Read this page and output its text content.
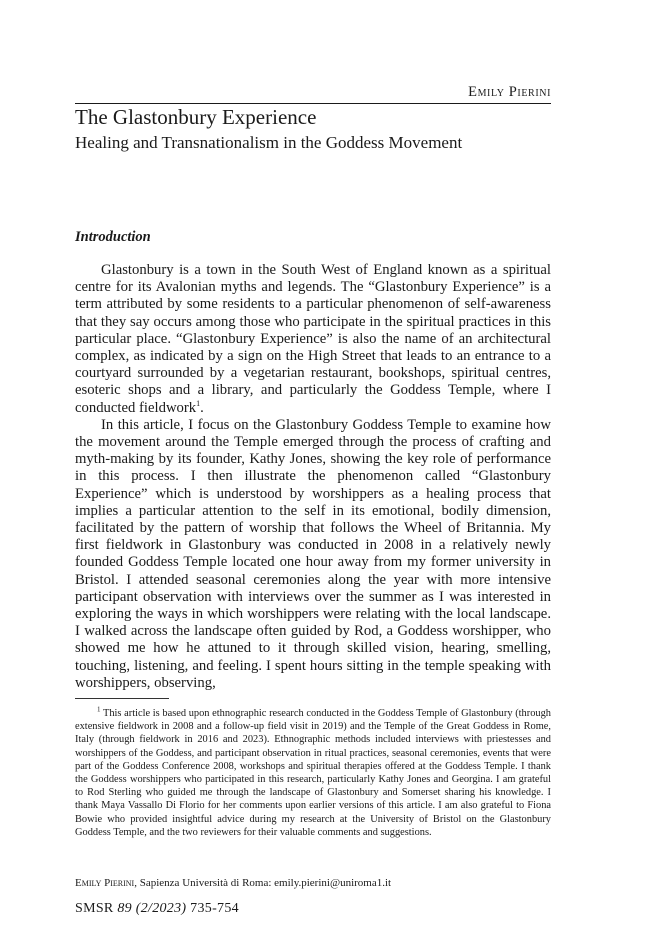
Emily Pierini
The Glastonbury Experience
Healing and Transnationalism in the Goddess Movement
Introduction

Glastonbury is a town in the South West of England known as a spiritual centre for its Avalonian myths and legends. The “Glastonbury Experience” is a term attributed by some residents to a particular phenomenon of self-awareness that they say occurs among those who participate in the spiritual practices in this particular place. “Glastonbury Experience” is also the name of an architectural complex, as indicated by a sign on the High Street that leads to an entrance to a courtyard surrounded by a vegetarian restaurant, bookshops, spiritual centres, esoteric shops and a library, and particularly the Goddess Temple, where I conducted fieldwork$^1$.

In this article, I focus on the Glastonbury Goddess Temple to examine how the movement around the Temple emerged through the process of crafting and myth-making by its founder, Kathy Jones, showing the key role of performance in this process. I then illustrate the phenomenon called “Glastonbury Experience” which is understood by worshippers as a healing process that implies a particular attention to the self in its emotional, bodily dimension, facilitated by the pattern of worship that follows the Wheel of Britannia. My first fieldwork in Glastonbury was conducted in 2008 in a relatively newly founded Goddess Temple located one hour away from my former university in Bristol. I attended seasonal ceremonies along the year with more intensive participant observation with interviews over the summer as I was interested in exploring the ways in which worshippers were relating with the local landscape. I walked across the landscape often guided by Rod, a Goddess worshipper, who showed me how he attuned to it through skilled vision, hearing, smelling, touching, listening, and feeling. I spent hours sitting in the temple speaking with worshippers, observing,

$^1$ This article is based upon ethnographic research conducted in the Goddess Temple of Glastonbury (through extensive fieldwork in 2008 and a follow-up field visit in 2019) and the Temple of the Great Goddess in Rome, Italy (through fieldwork in 2016 and 2023). Ethnographic methods included interviews with priestesses and worshippers of the Goddess, and participant observation in ritual practices, seasonal ceremonies, events that were part of the Goddess Conference 2008, workshops and spiritual therapies offered at the Goddess Temple. I thank the Goddess worshippers who participated in this research, particularly Kathy Jones and Georgina. I am grateful to Rod Sterling who guided me through the landscape of Glastonbury and Somerset sharing his knowledge. I thank Maya Vassallo Di Florio for her comments upon earlier versions of this article. I am also grateful to Fiona Bowie who provided insightful advice during my research at the University of Bristol on the Glastonbury Goddess Temple, and the two reviewers for their valuable comments and suggestions.

Emily Pierini, Sapienza Università di Roma: emily.pierini@uniroma1.it

SMSR 89 (2/2023) 735-754
